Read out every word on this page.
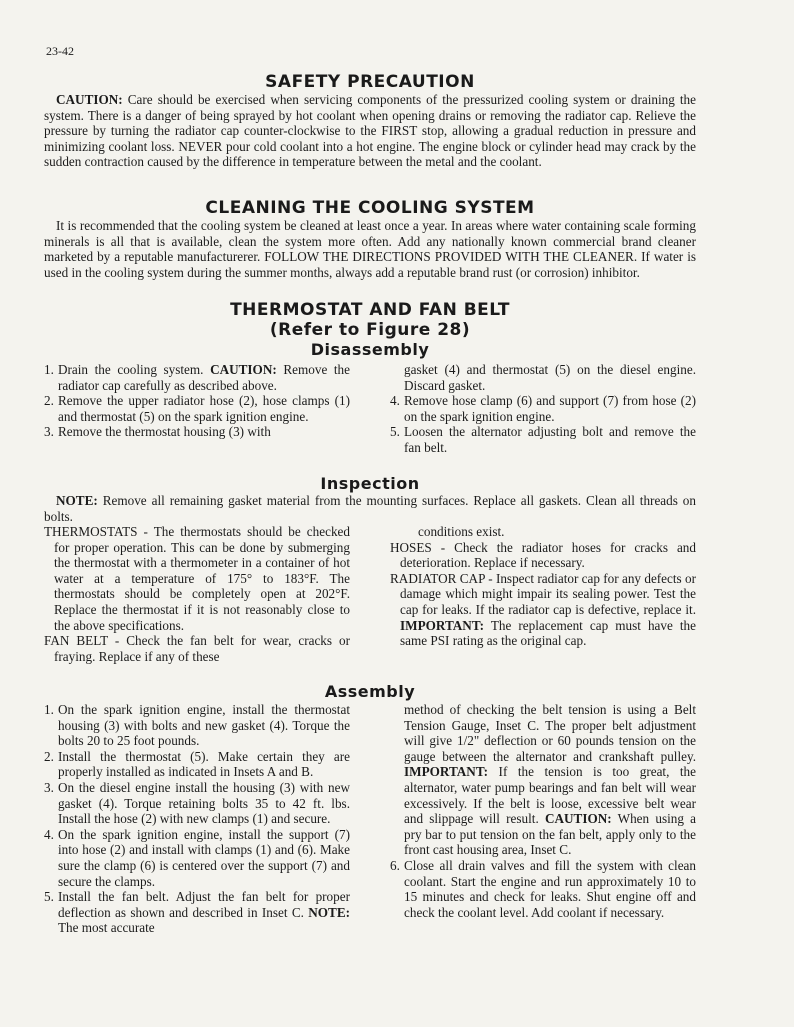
23-42
SAFETY PRECAUTION

CAUTION: Care should be exercised when servicing components of the pressurized cooling system or draining the system. There is a danger of being sprayed by hot coolant when opening drains or removing the radiator cap. Relieve the pressure by turning the radiator cap counter-clockwise to the FIRST stop, allowing a gradual reduction in pressure and minimizing coolant loss. NEVER pour cold coolant into a hot engine. The engine block or cylinder head may crack by the sudden contraction caused by the difference in temperature between the metal and the coolant.

CLEANING THE COOLING SYSTEM

It is recommended that the cooling system be cleaned at least once a year. In areas where water containing scale forming minerals is all that is available, clean the system more often. Add any nationally known commercial brand cleaner marketed by a reputable manufacturerer. FOLLOW THE DIRECTIONS PROVIDED WITH THE CLEANER. If water is used in the cooling system during the summer months, always add a reputable brand rust (or corrosion) inhibitor.

THERMOSTAT AND FAN BELT
(Refer to Figure 28)
Disassembly
1. Drain the cooling system. CAUTION: Remove the radiator cap carefully as described above.
2. Remove the upper radiator hose (2), hose clamps (1) and thermostat (5) on the spark ignition engine.
3. Remove the thermostat housing (3) with

gasket (4) and thermostat (5) on the diesel engine. Discard gasket.

4. Remove hose clamp (6) and support (7) from hose (2) on the spark ignition engine.
5. Loosen the alternator adjusting bolt and remove the fan belt.
Inspection

NOTE: Remove all remaining gasket material from the mounting surfaces. Replace all gaskets. Clean all threads on bolts.

THERMOSTATS - The thermostats should be checked for proper operation. This can be done by submerging the thermostat with a thermometer in a container of hot water at a temperature of 175° to 183°F. The thermostats should be completely open at 202°F. Replace the thermostat if it is not reasonably close to the above specifications.

FAN BELT - Check the fan belt for wear, cracks or fraying. Replace if any of these

conditions exist.

HOSES - Check the radiator hoses for cracks and deterioration. Replace if necessary.

RADIATOR CAP - Inspect radiator cap for any defects or damage which might impair its sealing power. Test the cap for leaks. If the radiator cap is defective, replace it. IMPORTANT: The replacement cap must have the same PSI rating as the original cap.

Assembly
1. On the spark ignition engine, install the thermostat housing (3) with bolts and new gasket (4). Torque the bolts 20 to 25 foot pounds.
2. Install the thermostat (5). Make certain they are properly installed as indicated in Insets A and B.
3. On the diesel engine install the housing (3) with new gasket (4). Torque retaining bolts 35 to 42 ft. lbs. Install the hose (2) with new clamps (1) and secure.
4. On the spark ignition engine, install the support (7) into hose (2) and install with clamps (1) and (6). Make sure the clamp (6) is centered over the support (7) and secure the clamps.
5. Install the fan belt. Adjust the fan belt for proper deflection as shown and described in Inset C. NOTE: The most accurate

method of checking the belt tension is using a Belt Tension Gauge, Inset C. The proper belt adjustment will give 1/2" deflection or 60 pounds tension on the gauge between the alternator and crankshaft pulley. IMPORTANT: If the tension is too great, the alternator, water pump bearings and fan belt will wear excessively. If the belt is loose, excessive belt wear and slippage will result. CAUTION: When using a pry bar to put tension on the fan belt, apply only to the front cast housing area, Inset C.

6. Close all drain valves and fill the system with clean coolant. Start the engine and run approximately 10 to 15 minutes and check for leaks. Shut engine off and check the coolant level. Add coolant if necessary.
